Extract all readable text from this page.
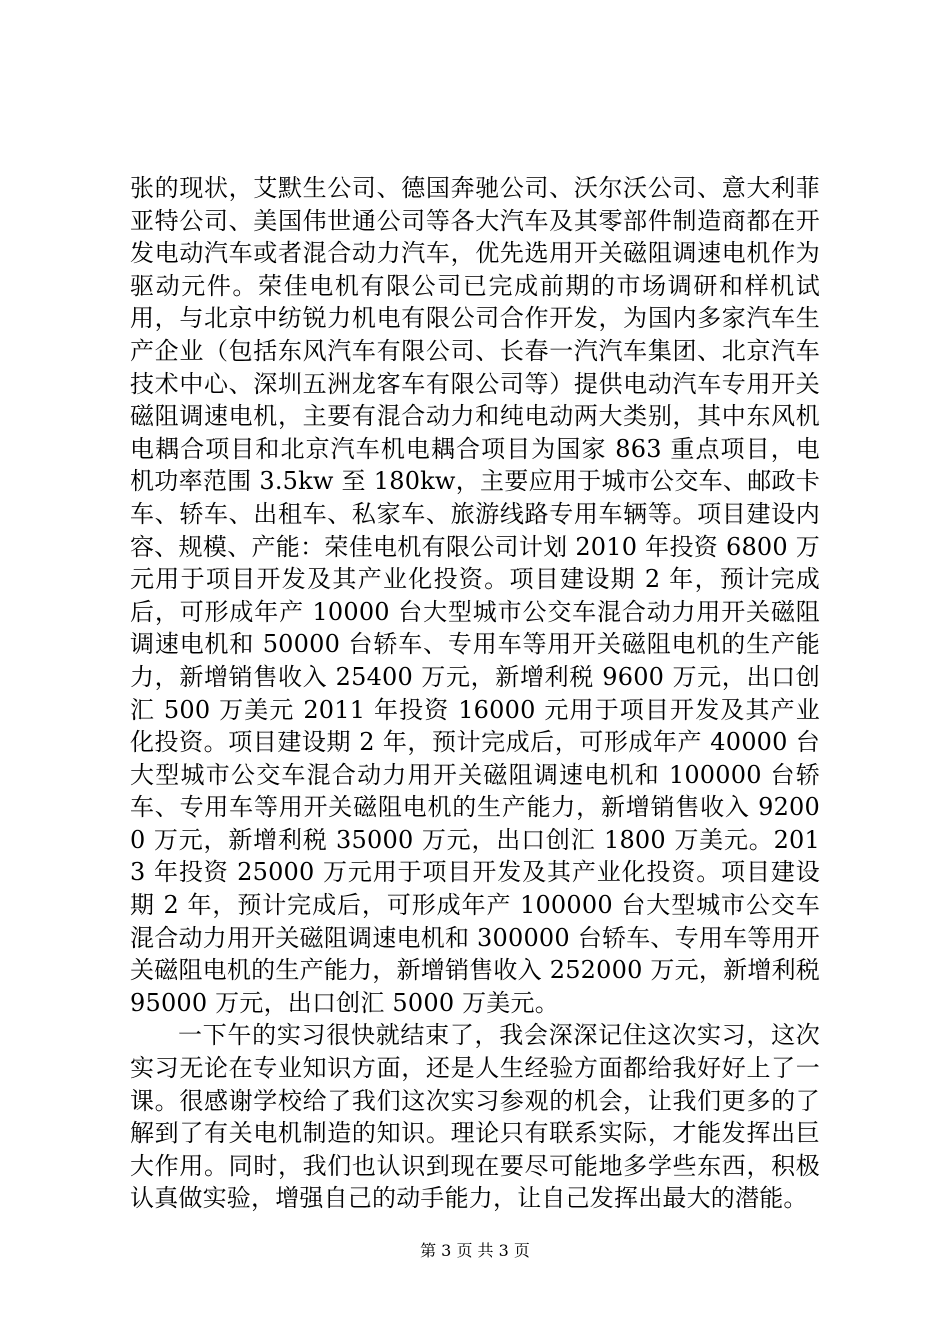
张的现状，艾默生公司、德国奔驰公司、沃尔沃公司、意大利菲亚特公司、美国伟世通公司等各大汽车及其零部件制造商都在开发电动汽车或者混合动力汽车，优先选用开关磁阻调速电机作为驱动元件。荣佳电机有限公司已完成前期的市场调研和样机试用，与北京中纺锐力机电有限公司合作开发，为国内多家汽车生产企业（包括东风汽车有限公司、长春一汽汽车集团、北京汽车技术中心、深圳五洲龙客车有限公司等）提供电动汽车专用开关磁阻调速电机，主要有混合动力和纯电动两大类别，其中东风机电耦合项目和北京汽车机电耦合项目为国家 863 重点项目，电机功率范围 3.5kw 至 180kw，主要应用于城市公交车、邮政卡车、轿车、出租车、私家车、旅游线路专用车辆等。项目建设内容、规模、产能：荣佳电机有限公司计划 2010 年投资 6800 万元用于项目开发及其产业化投资。项目建设期 2 年，预计完成后，可形成年产 10000 台大型城市公交车混合动力用开关磁阻调速电机和 50000 台轿车、专用车等用开关磁阻电机的生产能力，新增销售收入 25400 万元，新增利税 9600 万元，出口创汇 500 万美元 2011 年投资 16000 元用于项目开发及其产业化投资。项目建设期 2 年，预计完成后，可形成年产 40000 台大型城市公交车混合动力用开关磁阻调速电机和 100000 台轿车、专用车等用开关磁阻电机的生产能力，新增销售收入 92000 万元，新增利税 35000 万元，出口创汇 1800 万美元。2013 年投资 25000 万元用于项目开发及其产业化投资。项目建设期 2 年，预计完成后，可形成年产 100000 台大型城市公交车混合动力用开关磁阻调速电机和 300000 台轿车、专用车等用开关磁阻电机的生产能力，新增销售收入 252000 万元，新增利税 95000 万元，出口创汇 5000 万美元。

一下午的实习很快就结束了，我会深深记住这次实习，这次实习无论在专业知识方面，还是人生经验方面都给我好好上了一课。很感谢学校给了我们这次实习参观的机会，让我们更多的了解到了有关电机制造的知识。理论只有联系实际，才能发挥出巨大作用。同时，我们也认识到现在要尽可能地多学些东西，积极认真做实验，增强自己的动手能力，让自己发挥出最大的潜能。

第 3 页 共 3 页
